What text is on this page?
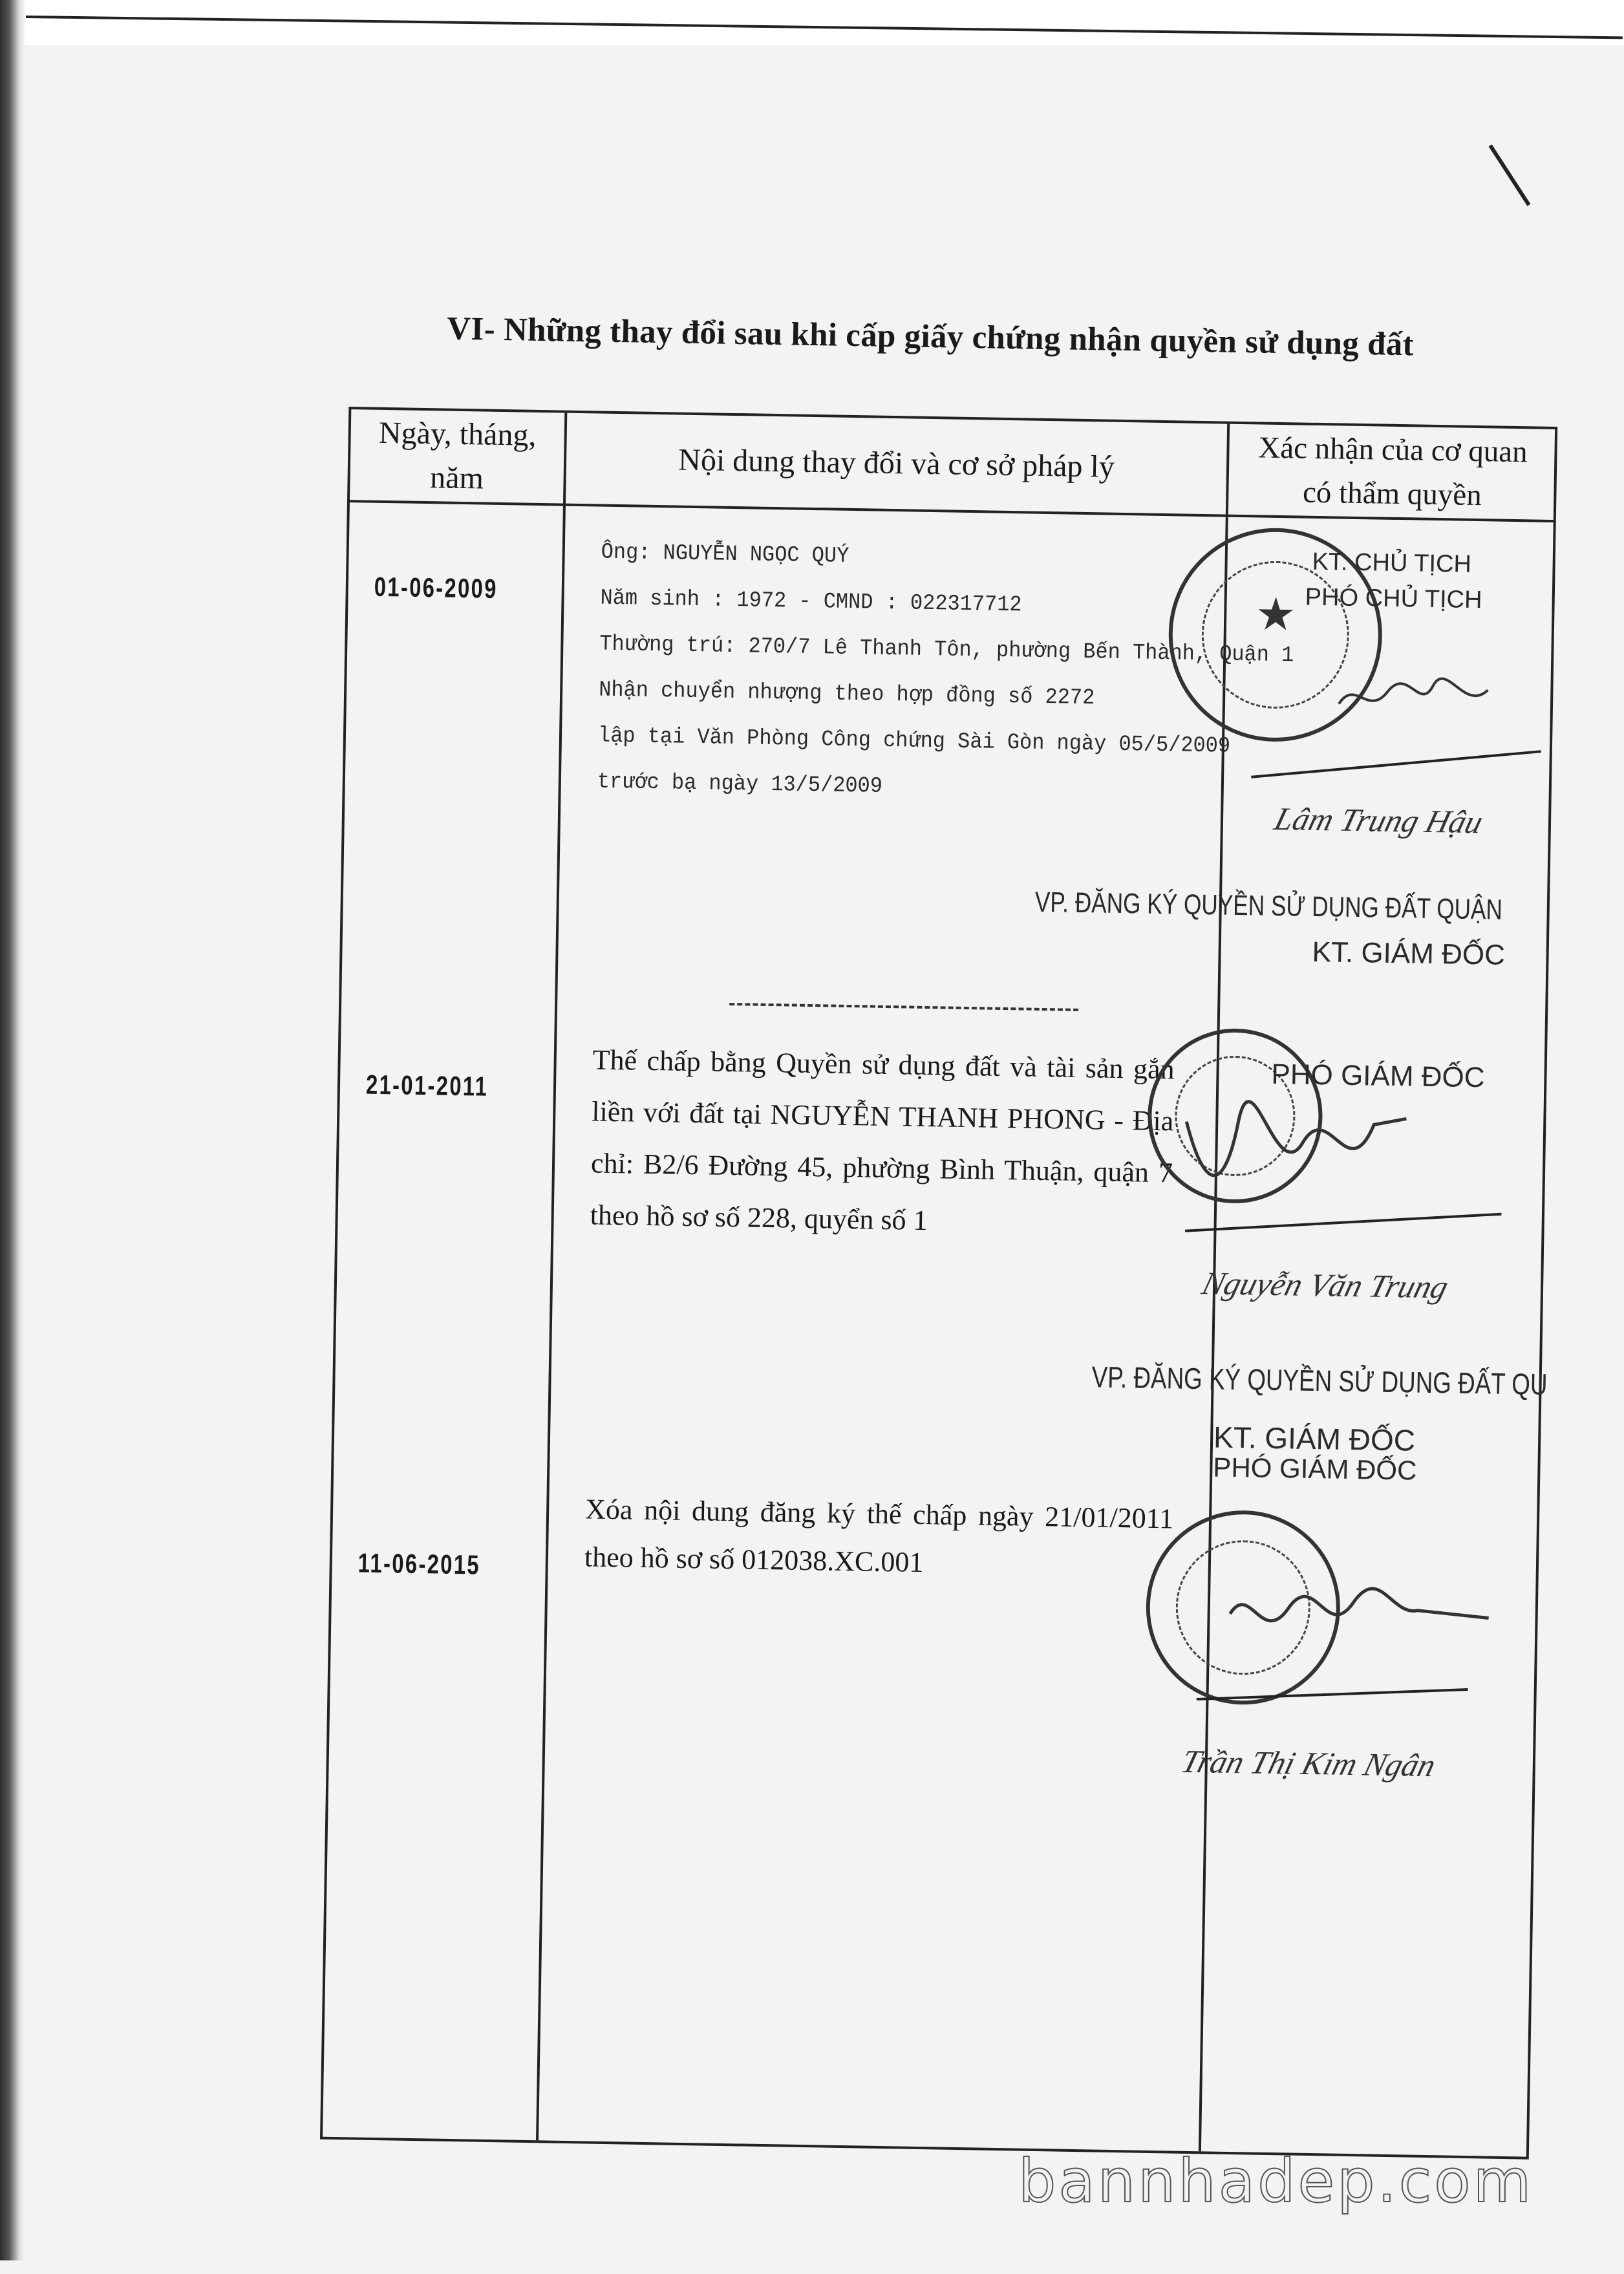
VI- Những thay đổi sau khi cấp giấy chứng nhận quyền sử dụng đất
Ngày, tháng,
năm	Nội dung thay đổi và cơ sở pháp lý	Xác nhận của cơ quan
có thẩm quyền
01-06-2009
Ông: NGUYỄN NGỌC QUÝ
Năm sinh : 1972 - CMND : 022317712
Thường trú: 270/7 Lê Thanh Tôn, phường Bến Thành, Quận 1
Nhận chuyển nhượng theo hợp đồng số 2272
lập tại Văn Phòng Công chứng Sài Gòn ngày 05/5/2009
trước bạ ngày 13/5/2009
★
KT. CHỦ TỊCH
PHÓ CHỦ TỊCH
Lâm Trung Hậu
VP. ĐĂNG KÝ QUYỀN SỬ DỤNG ĐẤT QUẬN
KT. GIÁM ĐỐC
21-01-2011
Thế chấp bằng Quyền sử dụng đất và tài sản gắn liền với đất tại NGUYỄN THANH PHONG - Địa chỉ: B2/6 Đường 45, phường Bình Thuận, quận 7 theo hồ sơ số 228, quyển số 1
PHÓ GIÁM ĐỐC
Nguyễn Văn Trung
VP. ĐĂNG KÝ QUYỀN SỬ DỤNG ĐẤT QU
KT. GIÁM ĐỐC
PHÓ GIÁM ĐỐC
11-06-2015
Xóa nội dung đăng ký thế chấp ngày 21/01/2011 theo hồ sơ số 012038.XC.001
Trần Thị Kim Ngân
bannhadep.com
